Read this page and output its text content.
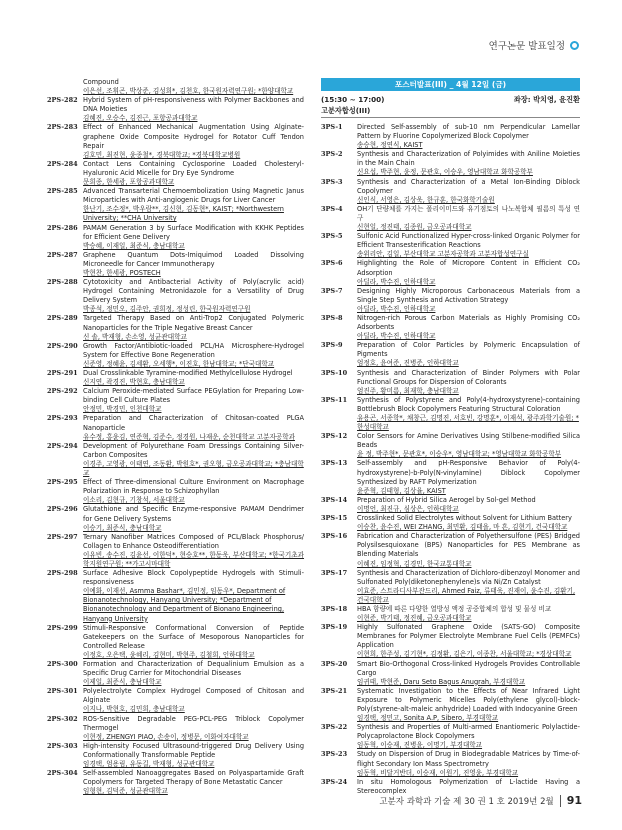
연구논문 발표일정
Compound
이은선, 조휘곤, 박상준, 김성희*, 김천호, 한국원자력연구원; *한양대학교
2PS-282 Hybrid System of pH-responsiveness with Polymer Backbones and DNA Moieties
김혜진, 오승수, 김진근, 포항공과대학교
2PS-283 Effect of Enhanced Mechanical Augmentation Using Alginate-graphene Oxide Composite Hydrogel for Rotator Cuff Tendon Repair
김호민, 최진현, 윤종철*, 경북대학교; *경북대학교병원
2PS-284 Contact Lens Containing Cyclosporine Loaded Cholesteryl-Hyaluronic Acid Micelle for Dry Eye Syndrome
문희종, 한세광, 포항공과대학교
2PS-285 Advanced Transarterial Chemoembolization Using Magnetic Janus Microparticles with Anti-angiogenic Drugs for Liver Cancer
한난기, 조수정*, 박우람**, 김신현, 김동현*, KAIST; *Northwestern University; **CHA University
2PS-286 PAMAM Generation 3 by Surface Modification with KKHK Peptides for Efficient Gene Delivery
박승혜, 이재일, 최준식, 충남대학교
2PS-287 Graphene Quantum Dots-Imiquimod Loaded Dissolving Microneedle for Cancer Immunotherapy
박현찬, 한세광, POSTECH
2PS-288 Cytotoxicity and Antibacterial Activity of Poly(acrylic acid) Hydrogel Containing Metronidazole for a Versatility of Drug Delivery System
박종석, 정민오, 김주안, 권희정, 정성린, 한국원자력연구원
2PS-289 Targeted Therapy Based on Anti-Trop2 Conjugated Polymeric Nanoparticles for the Triple Negative Breast Cancer
신 솔, 박재형, 손소영, 성균관대학교
2PS-290 Growth Factor/Antibiotic-loaded PCL/HA Microsphere-Hydrogel System for Effective Bone Regeneration
신준영, 정혜윤, 김세환, 오세행*, 이진호, 한남대학교; *단국대학교
2PS-291 Dual Crosslinkable Tyramine-modified Methylcellulose Hydrogel
신지연, 곽경진, 박현호, 충남대학교
2PS-292 Calcium Peroxide-mediated Surface PEGylation for Preparing Low-binding Cell Culture Plates
안정민, 박경민, 인천대학교
2PS-293 Preparation and Characterization of Chitosan-coated PLGA Nanoparticle
유수정, 홍윤김, 연준혁, 김준수, 정경원, 나재운, 순천대학교 고분자공학과
2PS-294 Development of Polyurethane Foam Dressings Containing Silver-Carbon Composites
이경주, 고영광, 이태연, 조동환, 박원호*, 권오형, 금오공과대학교; *충남대학교
2PS-295 Effect of Three-dimensional Culture Environment on Macrophage Polarization in Response to Schizophyllan
이소리, 김현규, 기창석, 서울대학교
2PS-296 Glutathione and Specific Enzyme-responsive PAMAM Dendrimer for Gene Delivery Systems
이승기, 최준식, 충남대학교
2PS-297 Ternary Nanofiber Matrices Composed of PCL/Black Phosphorus/ Collagen to Enhance Osteodifferentiation
이유빈, 송수진, 김윤선, 이한덕*, 현승호**, 한동욱, 부산대학교; *한국기초과학지원연구원; **가고시마대학
2PS-298 Surface Adhesive Block Copolypeptide Hydrogels with Stimuli-responsiveness
이예화, 이재선, Asmma Bashar*, 김민정, 임동우*, Department of Bionanotechnology, Hanyang University; *Department of Bionanotechnology and Department of Bionano Engineering, Hanyang University
2PS-299 Stimuli-Responsive Conformational Conversion of Peptide Gatekeepers on the Surface of Mesoporous Nanoparticles for Controlled Release
이정호, 오은택, 윤혜리, 김현미, 박현주, 김철희, 인하대학교
2PS-300 Formation and Characterization of Dequalinium Emulsion as a Specific Drug Carrier for Mitochondrial Diseases
이제일, 최준식, 충남대학교
2PS-301 Polyelectrolyte Complex Hydrogel Composed of Chitosan and Alginate
이지나, 박현호, 김민희, 충남대학교
2PS-302 ROS-Sensitive Degradable PEG-PCL-PEG Triblock Copolymer Thermogel
이현정, ZHENGYI PIAO, 손송이, 정병문, 이화여자대학교
2PS-303 High-intensity Focused Ultrasound-triggered Drug Delivery Using Conformationally Transformable Peptide
임경택, 엄용림, 유동길, 박재형, 성균관대학교
2PS-304 Self-assembled Nanoaggregates Based on Polyaspartamide Graft Copolymers for Targeted Therapy of Bone Metastatic Cancer
임형현, 김덕준, 성균관대학교
포스터발표(III) _ 4월 12일 (금)
(15:30 ~ 17:00)	좌장: 박치영, 윤진환
고분자합성(III)
3PS-1	Directed Self-assembly of sub-10 nm Perpendicular Lamellar Pattern by Fluorine Copolymerized Block Copolymer
송승현, 정연식, KAIST
3PS-2	Synthesis and Characterization of Polyimides with Aniline Moieties in the Main Chain
신요섭, 박주현, 윤정, 문관호, 이승우, 영남대학교 화학공학부
3PS-3	Synthesis and Characterization of a Metal Ion-Binding Diblock Copolymer
신인식, 서영은, 김상욱, 한규훈, 한국화학기술원
3PS-4	OH기 단량체를 가지는 폴리이미드와 유기점토의 나노복합체 필름의 특성 연구
신현일, 정진태, 김종원, 금오공과대학교
3PS-5	Sulfonic Acid Functionalized Hyper-cross-linked Organic Polymer for Efficient Transesterification Reactions
송위리안, 김일, 부산대학교 고분자공학과 고분자합성연구실
3PS-6	Highlighting the Role of Micropore Content in Efficient CO₂ Adsorption
아딜라, 박수진, 인하대학교
3PS-7	Designing Highly Microporous Carbonaceous Materials from a Single Step Synthesis and Activation Strategy
아딜라, 박수진, 인하대학교
3PS-8	Nitrogen-rich Porous Carbon Materials as Highly Promising CO₂ Adsorbents
아딜라, 박수진, 인하대학교
3PS-9	Preparation of Color Particles by Polymeric Encapsulation of Pigments
엄정호, 윤여준, 진병준, 인하대학교
3PS-10	Synthesis and Characterization of Binder Polymers with Polar Functional Groups for Dispersion of Colorants
엄진주, 황미름, 최재학, 충남대학교
3PS-11	Synthesis of Polystyrene and Poly(4-hydroxystyrene)-containing Bottlebrush Block Copolymers Featuring Structural Coloration
유용곤, 서종학*, 채창근, 김명진, 서호빈, 강명훈*, 이재석, 광주과학기술원; *한성대학교
3PS-12	Color Sensors for Amine Derivatives Using Stilbene-modified Silica Beads
윤 정, 박주현*, 문관호*, 이승우*, 영남대학교; *영남대학교 화학공학부
3PS-13	Self-assembly and pH-Responsive Behavior of Poly(4-hydroxystyrene)-b-Poly(N-vinylamine) Diblock Copolymer Synthesized by RAFT Polymerization
윤준혁, 김태형, 김상율, KAIST
3PS-14	Preparation of Hybrid Silica Aerogel by Sol-gel Method
이명언, 최진규, 심상은, 인하대학교
3PS-15	Crosslinked Solid Electrolytes without Solvent for Lithium Battery
이승찬, 윤수진, WEI ZHANG, 최민환, 김태을, 마 흔, 김현기, 건국대학교
3PS-16	Fabrication and Characterization of Polyethersulfone (PES) Bridged Polysilsesquioxane (BPS) Nanoparticles for PES Membrane as Blending Materials
이혜진, 임정혁, 김경민, 한국교통대학교
3PS-17	Synthesis and Characterization of Dichloro-dibenzoyl Monomer and Sulfonated Poly(diketonephenylene)s via Ni/Zn Catalyst
이효준, 스트라디사부잔드리, Ahmed Faiz, 류태욱, 진재이, 윤수진, 김환기, 건국대학교
3PS-18	HBA 함량에 따른 다양한 열방성 액정 공중합체의 합성 및 물성 비교
이현준, 박기태, 정진혜, 금오공과대학교
3PS-19	Highly Sulfonated Graphene Oxide (SATS-GO) Composite Membranes for Polymer Electrolyte Membrane Fuel Cells (PEMFCs) Application
이현희, 한주성, 김기현*, 김정환, 김은기, 이종찬, 서울대학교; *경상대학교
3PS-20	Smart Bio-Orthogonal Cross-linked Hydrogels Provides Controllable Cargo
임귀태, 박현준, Daru Seto Bagus Anugrah, 부경대학교
3PS-21	Systematic Investigation to the Effects of Near Infrared Light Exposure to Polymeric Micelles Poly(ethylene glycol)-block-Poly(styrene-alt-maleic anhydride) Loaded with Indocyanine Green
임경택, 정민고, Sonita A.P, Sibero, 부경대학교
3PS-22	Synthesis and Properties of Multi-armed Enantiomeric Polylactide-Polycaprolactone Block Copolymers
임동혁, 이승재, 진병윤, 이명기, 부경대학교
3PS-23	Study on Dispersion of Drug in Biodegradable Matrices by Time-of-flight Secondary Ion Mass Spectrometry
임동혁, 비달거반더, 이승재, 이원기, 진영윤, 부경대학교
3PS-24	In situ Homologous Polymerization of L-lactide Having a Stereocomplex
고분자 과학과 기술 제 30 권 1 호 2019년 2월 91
